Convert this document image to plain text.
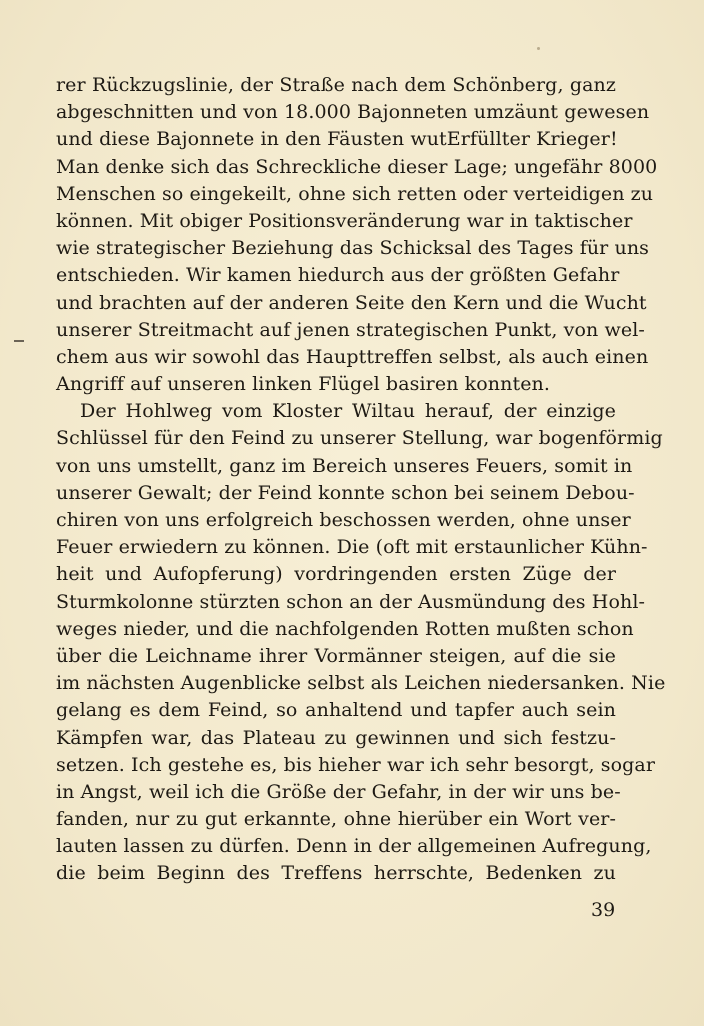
rer Rückzugslinie, der Straße nach dem Schönberg, ganz
abgeschnitten und von 18.000 Bajonneten umzäunt gewesen
und diese Bajonnete in den Fäusten wutErfüllter Krieger!
Man denke sich das Schreckliche dieser Lage; ungefähr 8000
Menschen so eingekeilt, ohne sich retten oder verteidigen zu
können. Mit obiger Positionsveränderung war in taktischer
wie strategischer Beziehung das Schicksal des Tages für uns
entschieden. Wir kamen hiedurch aus der größten Gefahr
und brachten auf der anderen Seite den Kern und die Wucht
unserer Streitmacht auf jenen strategischen Punkt, von wel-
chem aus wir sowohl das Haupttreffen selbst, als auch einen
Angriff auf unseren linken Flügel basiren konnten.
Der Hohlweg vom Kloster Wiltau herauf, der einzige
Schlüssel für den Feind zu unserer Stellung, war bogenförmig
von uns umstellt, ganz im Bereich unseres Feuers, somit in
unserer Gewalt; der Feind konnte schon bei seinem Debou-
chiren von uns erfolgreich beschossen werden, ohne unser
Feuer erwiedern zu können. Die (oft mit erstaunlicher Kühn-
heit und Aufopferung) vordringenden ersten Züge der
Sturmkolonne stürzten schon an der Ausmündung des Hohl-
weges nieder, und die nachfolgenden Rotten mußten schon
über die Leichname ihrer Vormänner steigen, auf die sie
im nächsten Augenblicke selbst als Leichen niedersanken. Nie
gelang es dem Feind, so anhaltend und tapfer auch sein
Kämpfen war, das Plateau zu gewinnen und sich festzu-
setzen. Ich gestehe es, bis hieher war ich sehr besorgt, sogar
in Angst, weil ich die Größe der Gefahr, in der wir uns be-
fanden, nur zu gut erkannte, ohne hierüber ein Wort ver-
lauten lassen zu dürfen. Denn in der allgemeinen Aufregung,
die beim Beginn des Treffens herrschte, Bedenken zu
39
